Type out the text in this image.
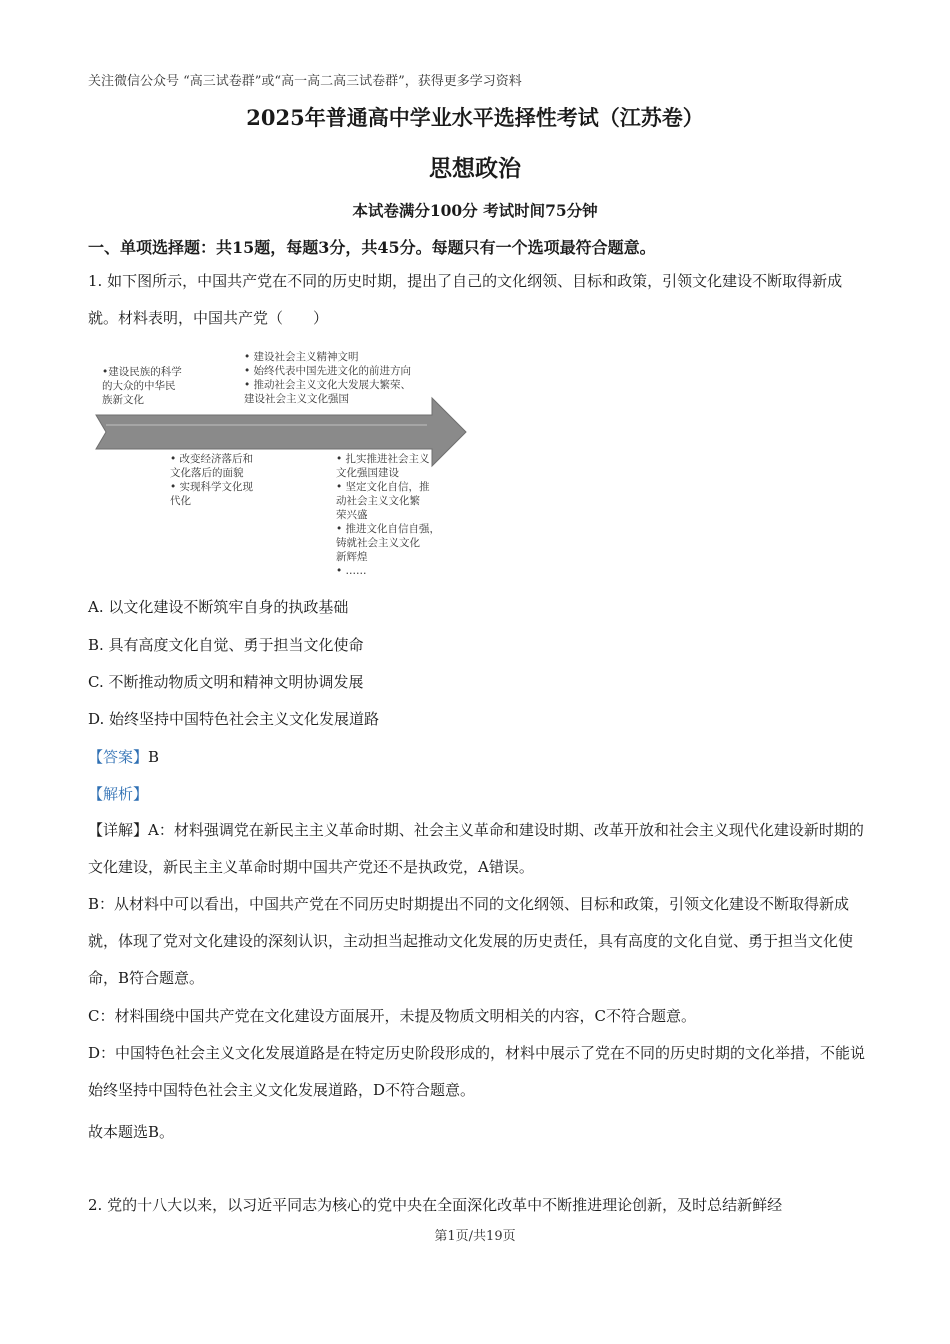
关注微信公众号 “高三试卷群”或“高一高二高三试卷群”，获得更多学习资料
2025年普通高中学业水平选择性考试（江苏卷）
思想政治
本试卷满分100分 考试时间75分钟
一、单项选择题：共15题，每题3分，共45分。每题只有一个选项最符合题意。
1. 如下图所示，中国共产党在不同的历史时期，提出了自己的文化纲领、目标和政策，引领文化建设不断取得新成就。材料表明，中国共产党（　　）
•建设民族的科学
的大众的中华民
族新文化
• 建设社会主义精神文明
• 始终代表中国先进文化的前进方向
• 推动社会主义文化大发展大繁荣、
建设社会主义文化强国
• 改变经济落后和
文化落后的面貌
• 实现科学文化现
代化
• 扎实推进社会主义
文化强国建设
• 坚定文化自信，推
动社会主义文化繁
荣兴盛
• 推进文化自信自强，
铸就社会主义文化
新辉煌
• ……
A. 以文化建设不断筑牢自身的执政基础
B. 具有高度文化自觉、勇于担当文化使命
C. 不断推动物质文明和精神文明协调发展
D. 始终坚持中国特色社会主义文化发展道路
【答案】B
【解析】
【详解】A：材料强调党在新民主主义革命时期、社会主义革命和建设时期、改革开放和社会主义现代化建设新时期的文化建设，新民主主义革命时期中国共产党还不是执政党，A错误。
B：从材料中可以看出，中国共产党在不同历史时期提出不同的文化纲领、目标和政策，引领文化建设不断取得新成就，体现了党对文化建设的深刻认识，主动担当起推动文化发展的历史责任，具有高度的文化自觉、勇于担当文化使命，B符合题意。
C：材料围绕中国共产党在文化建设方面展开，未提及物质文明相关的内容，C不符合题意。
D：中国特色社会主义文化发展道路是在特定历史阶段形成的，材料中展示了党在不同的历史时期的文化举措，不能说始终坚持中国特色社会主义文化发展道路，D不符合题意。
故本题选B。
2. 党的十八大以来，以习近平同志为核心的党中央在全面深化改革中不断推进理论创新，及时总结新鲜经
第1页/共19页
